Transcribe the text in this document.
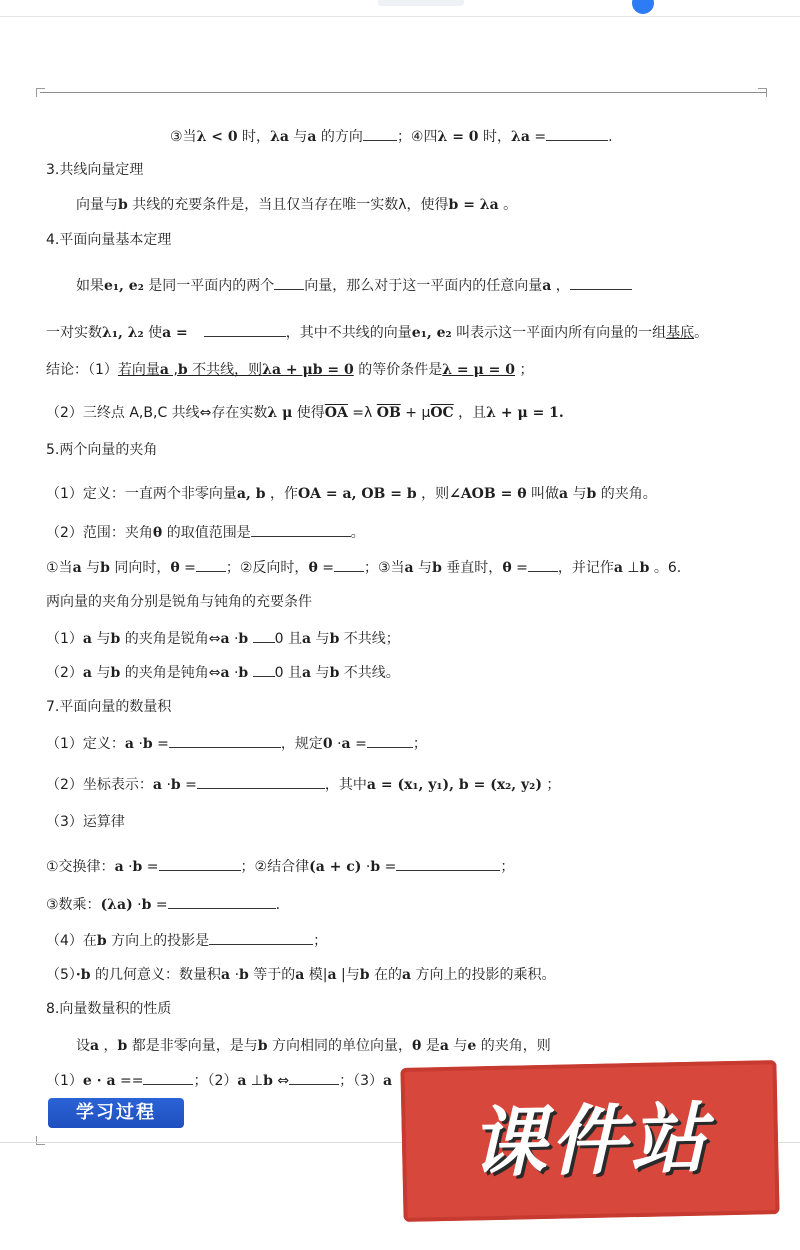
③当λ < 0 时，λa 与a 的方向 ；④四λ = 0 时，λa =	.
3.共线向量定理
向量与b 共线的充要条件是，当且仅当存在唯一实数λ，使得b = λa 。
4.平面向量基本定理
如果e₁, e₂ 是同一平面内的两个 向量，那么对于这一平面内的任意向量a ，
一对实数λ₁, λ₂ 使a =	，其中不共线的向量e₁, e₂ 叫表示这一平面内所有向量的一组基底。
结论：（1）若向量a ,b 不共线，则λa + μb = 0 的等价条件是λ = μ = 0 ；
（2）三终点 A,B,C 共线⇔存在实数λ μ 使得$\overline{OA} =\lambda$ $\overline{OB} + \mu\overline{OC}$ ，且λ + μ = 1.
5.两个向量的夹角
（1）定义：一直两个非零向量a, b ，作OA = a, OB = b ，则∠AOB = θ 叫做a 与b 的夹角。
（2）范围：夹角θ 的取值范围是	。
①当a 与b 同向时，θ = ；②反向时，θ = ；③当a 与b 垂直时，θ = ，并记作a ⊥b 。6.
两向量的夹角分别是锐角与钝角的充要条件
（1）a 与b 的夹角是锐角⇔a ·b 0 且a 与b 不共线；
（2）a 与b 的夹角是钝角⇔a ·b 0 且a 与b 不共线。
7.平面向量的数量积
（1）定义：a ·b =	，规定0 ·a =	；
（2）坐标表示：a ·b =	，其中a = (x₁, y₁), b = (x₂, y₂) ；
（3）运算律
①交换律：a ·b =	；②结合律(a + c) ·b =	；
③数乘：(λa) ·b =	.
（4）在b 方向上的投影是	；
（5）·b 的几何意义：数量积a ·b 等于的a 模|a |与b 在的a 方向上的投影的乘积。
8.向量数量积的性质
设a ，b 都是非零向量，是与b 方向相同的单位向量，θ 是a 与e 的夹角，则
（1）e · a ==	；（2）a ⊥b ⇔	；（3）a
学习过程	课件站
